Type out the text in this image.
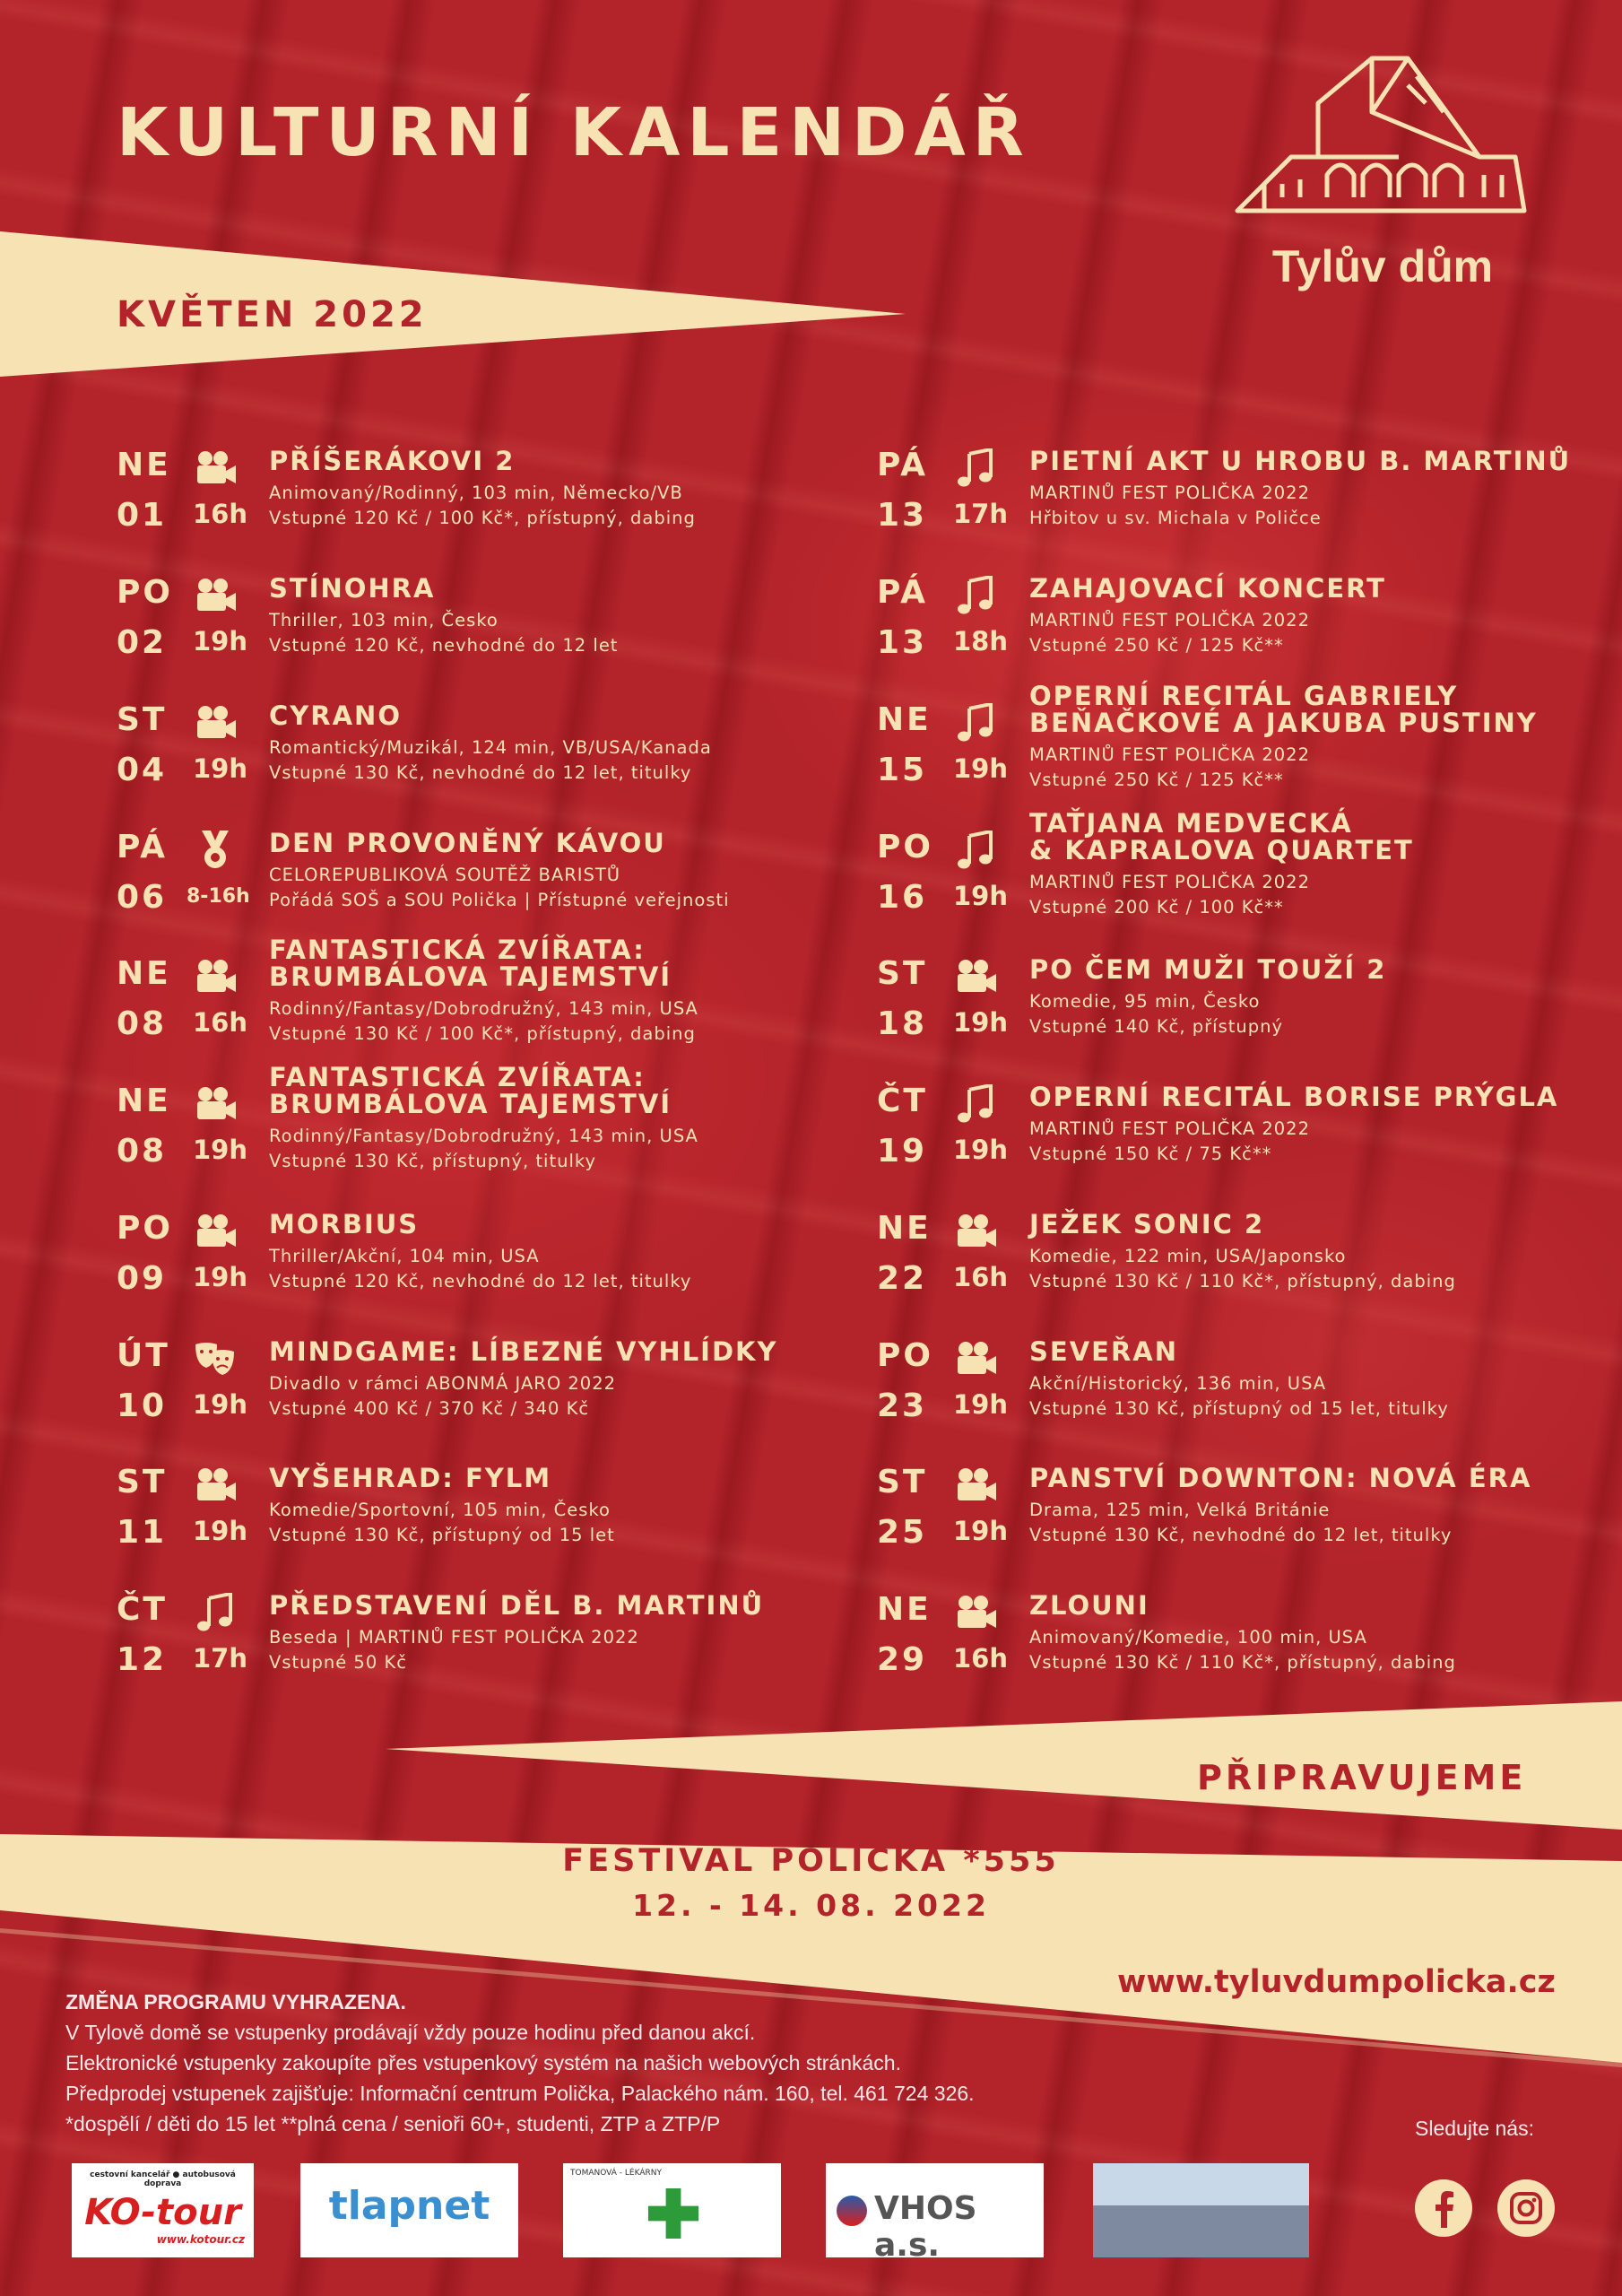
KULTURNÍ KALENDÁŘ
KVĚTEN 2022
Tylův dům
NE
01 16h
PŘÍŠERÁKOVI 2
Animovaný/Rodinný, 103 min, Německo/VB
Vstupné 120 Kč / 100 Kč*, přístupný, dabing
PO
02 19h
STÍNOHRA
Thriller, 103 min, Česko
Vstupné 120 Kč, nevhodné do 12 let
ST
04 19h
CYRANO
Romantický/Muzikál, 124 min, VB/USA/Kanada
Vstupné 130 Kč, nevhodné do 12 let, titulky
PÁ
06 8-16h
DEN PROVONĚNÝ KÁVOU
CELOREPUBLIKOVÁ SOUTĚŽ BARISTŮ
Pořádá SOŠ a SOU Polička | Přístupné veřejnosti
NE
08 16h
FANTASTICKÁ ZVÍŘATA:
BRUMBÁLOVA TAJEMSTVÍ
Rodinný/Fantasy/Dobrodružný, 143 min, USA
Vstupné 130 Kč / 100 Kč*, přístupný, dabing
NE
08 19h
FANTASTICKÁ ZVÍŘATA:
BRUMBÁLOVA TAJEMSTVÍ
Rodinný/Fantasy/Dobrodružný, 143 min, USA
Vstupné 130 Kč, přístupný, titulky
PO
09 19h
MORBIUS
Thriller/Akční, 104 min, USA
Vstupné 120 Kč, nevhodné do 12 let, titulky
ÚT
10 19h
MINDGAME: LÍBEZNÉ VYHLÍDKY
Divadlo v rámci ABONMÁ JARO 2022
Vstupné 400 Kč / 370 Kč / 340 Kč
ST
11 19h
VYŠEHRAD: FYLM
Komedie/Sportovní, 105 min, Česko
Vstupné 130 Kč, přístupný od 15 let
ČT
12 17h
PŘEDSTAVENÍ DĚL B. MARTINŮ
Beseda | MARTINŮ FEST POLIČKA 2022
Vstupné 50 Kč
PÁ
13 17h
PIETNÍ AKT U HROBU B. MARTINŮ
MARTINŮ FEST POLIČKA 2022
Hřbitov u sv. Michala v Poličce
PÁ
13 18h
ZAHAJOVACÍ KONCERT
MARTINŮ FEST POLIČKA 2022
Vstupné 250 Kč / 125 Kč**
NE
15 19h
OPERNÍ RECITÁL GABRIELY
BEŇAČKOVÉ A JAKUBA PUSTINY
MARTINŮ FEST POLIČKA 2022
Vstupné 250 Kč / 125 Kč**
PO
16 19h
TAŤJANA MEDVECKÁ
& KAPRALOVA QUARTET
MARTINŮ FEST POLIČKA 2022
Vstupné 200 Kč / 100 Kč**
ST
18 19h
PO ČEM MUŽI TOUŽÍ 2
Komedie, 95 min, Česko
Vstupné 140 Kč, přístupný
ČT
19 19h
OPERNÍ RECITÁL BORISE PRÝGLA
MARTINŮ FEST POLIČKA 2022
Vstupné 150 Kč / 75 Kč**
NE
22 16h
JEŽEK SONIC 2
Komedie, 122 min, USA/Japonsko
Vstupné 130 Kč / 110 Kč*, přístupný, dabing
PO
23 19h
SEVEŘAN
Akční/Historický, 136 min, USA
Vstupné 130 Kč, přístupný od 15 let, titulky
ST
25 19h
PANSTVÍ DOWNTON: NOVÁ ÉRA
Drama, 125 min, Velká Británie
Vstupné 130 Kč, nevhodné do 12 let, titulky
NE
29 16h
ZLOUNI
Animovaný/Komedie, 100 min, USA
Vstupné 130 Kč / 110 Kč*, přístupný, dabing
PŘIPRAVUJEME
FESTIVAL POLIČKA *555
12. - 14. 08. 2022
www.tyluvdumpolicka.cz
ZMĚNA PROGRAMU VYHRAZENA.
V Tylově domě se vstupenky prodávají vždy pouze hodinu před danou akcí.
Elektronické vstupenky zakoupíte přes vstupenkový systém na našich webových stránkách.
Předprodej vstupenek zajišťuje: Informační centrum Polička, Palackého nám. 160, tel. 461 724 326.
*dospělí / děti do 15 let **plná cena / senioři 60+, studenti, ZTP a ZTP/P	Sledujte nás:
cestovní kancelář ● autobusová doprava
KO-tour
www.kotour.cz
tlapnet
TOMANOVÁ - LÉKÁRNY
VHOS a.s.
